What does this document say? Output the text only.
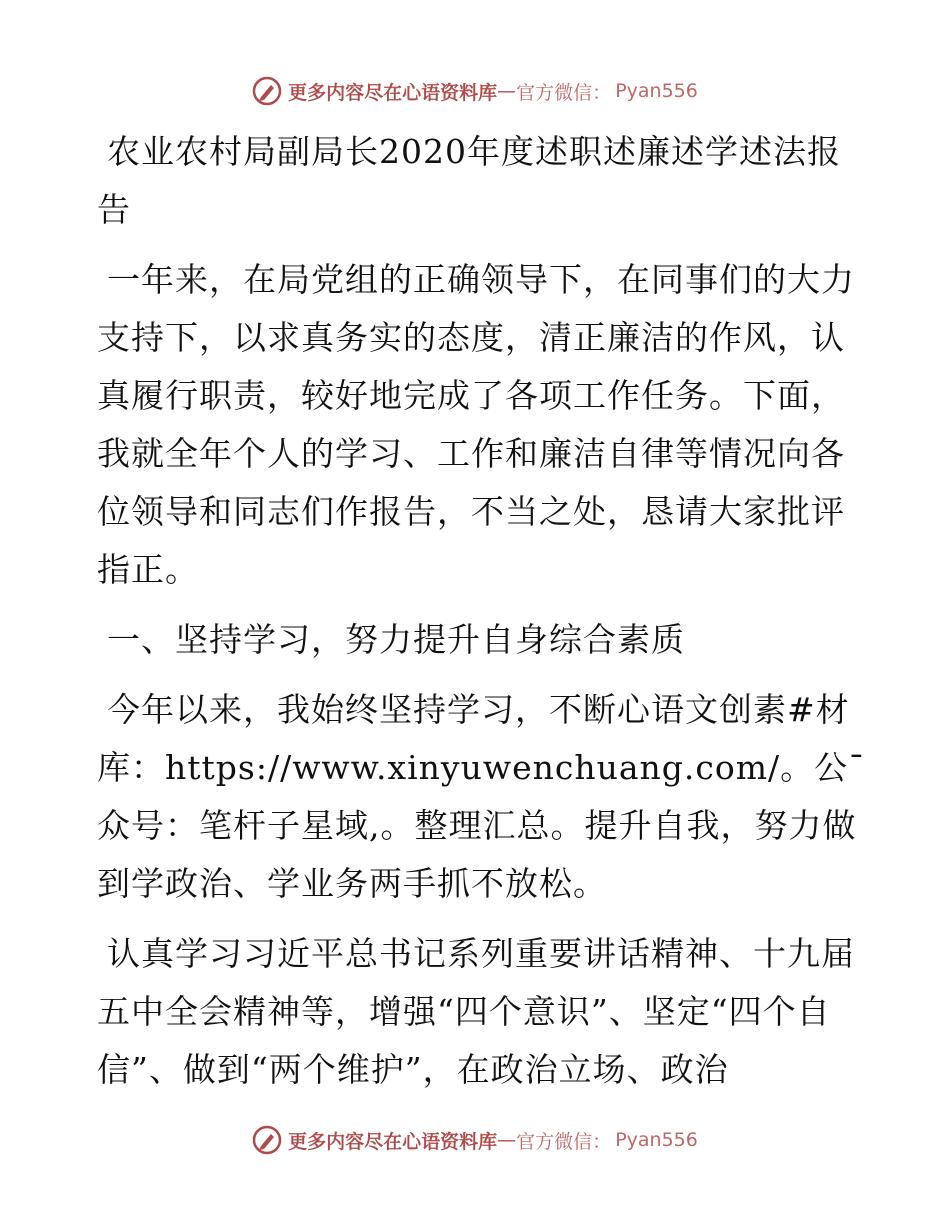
更多内容尽在心语资料库 — 官方微信： Pyan556

农业农村局副局长2020年度述职述廉述学述法报告

一年来，在局党组的正确领导下，在同事们的大力支持下，以求真务实的态度，清正廉洁的作风，认真履行职责，较好地完成了各项工作任务。下面，我就全年个人的学习、工作和廉洁自律等情况向各位领导和同志们作报告，不当之处，恳请大家批评指正。

一、坚持学习，努力提升自身综合素质

今年以来，我始终坚持学习，不断心语文创素#材库：https://www.xinyuwenchuang.com/。公¯众号：笔杆子星域,。整理汇总。提升自我，努力做到学政治、学业务两手抓不放松。

认真学习习近平总书记系列重要讲话精神、十九届五中全会精神等，增强“四个意识”、坚定“四个自信”、做到“两个维护”，在政治立场、政治

更多内容尽在心语资料库 — 官方微信： Pyan556
